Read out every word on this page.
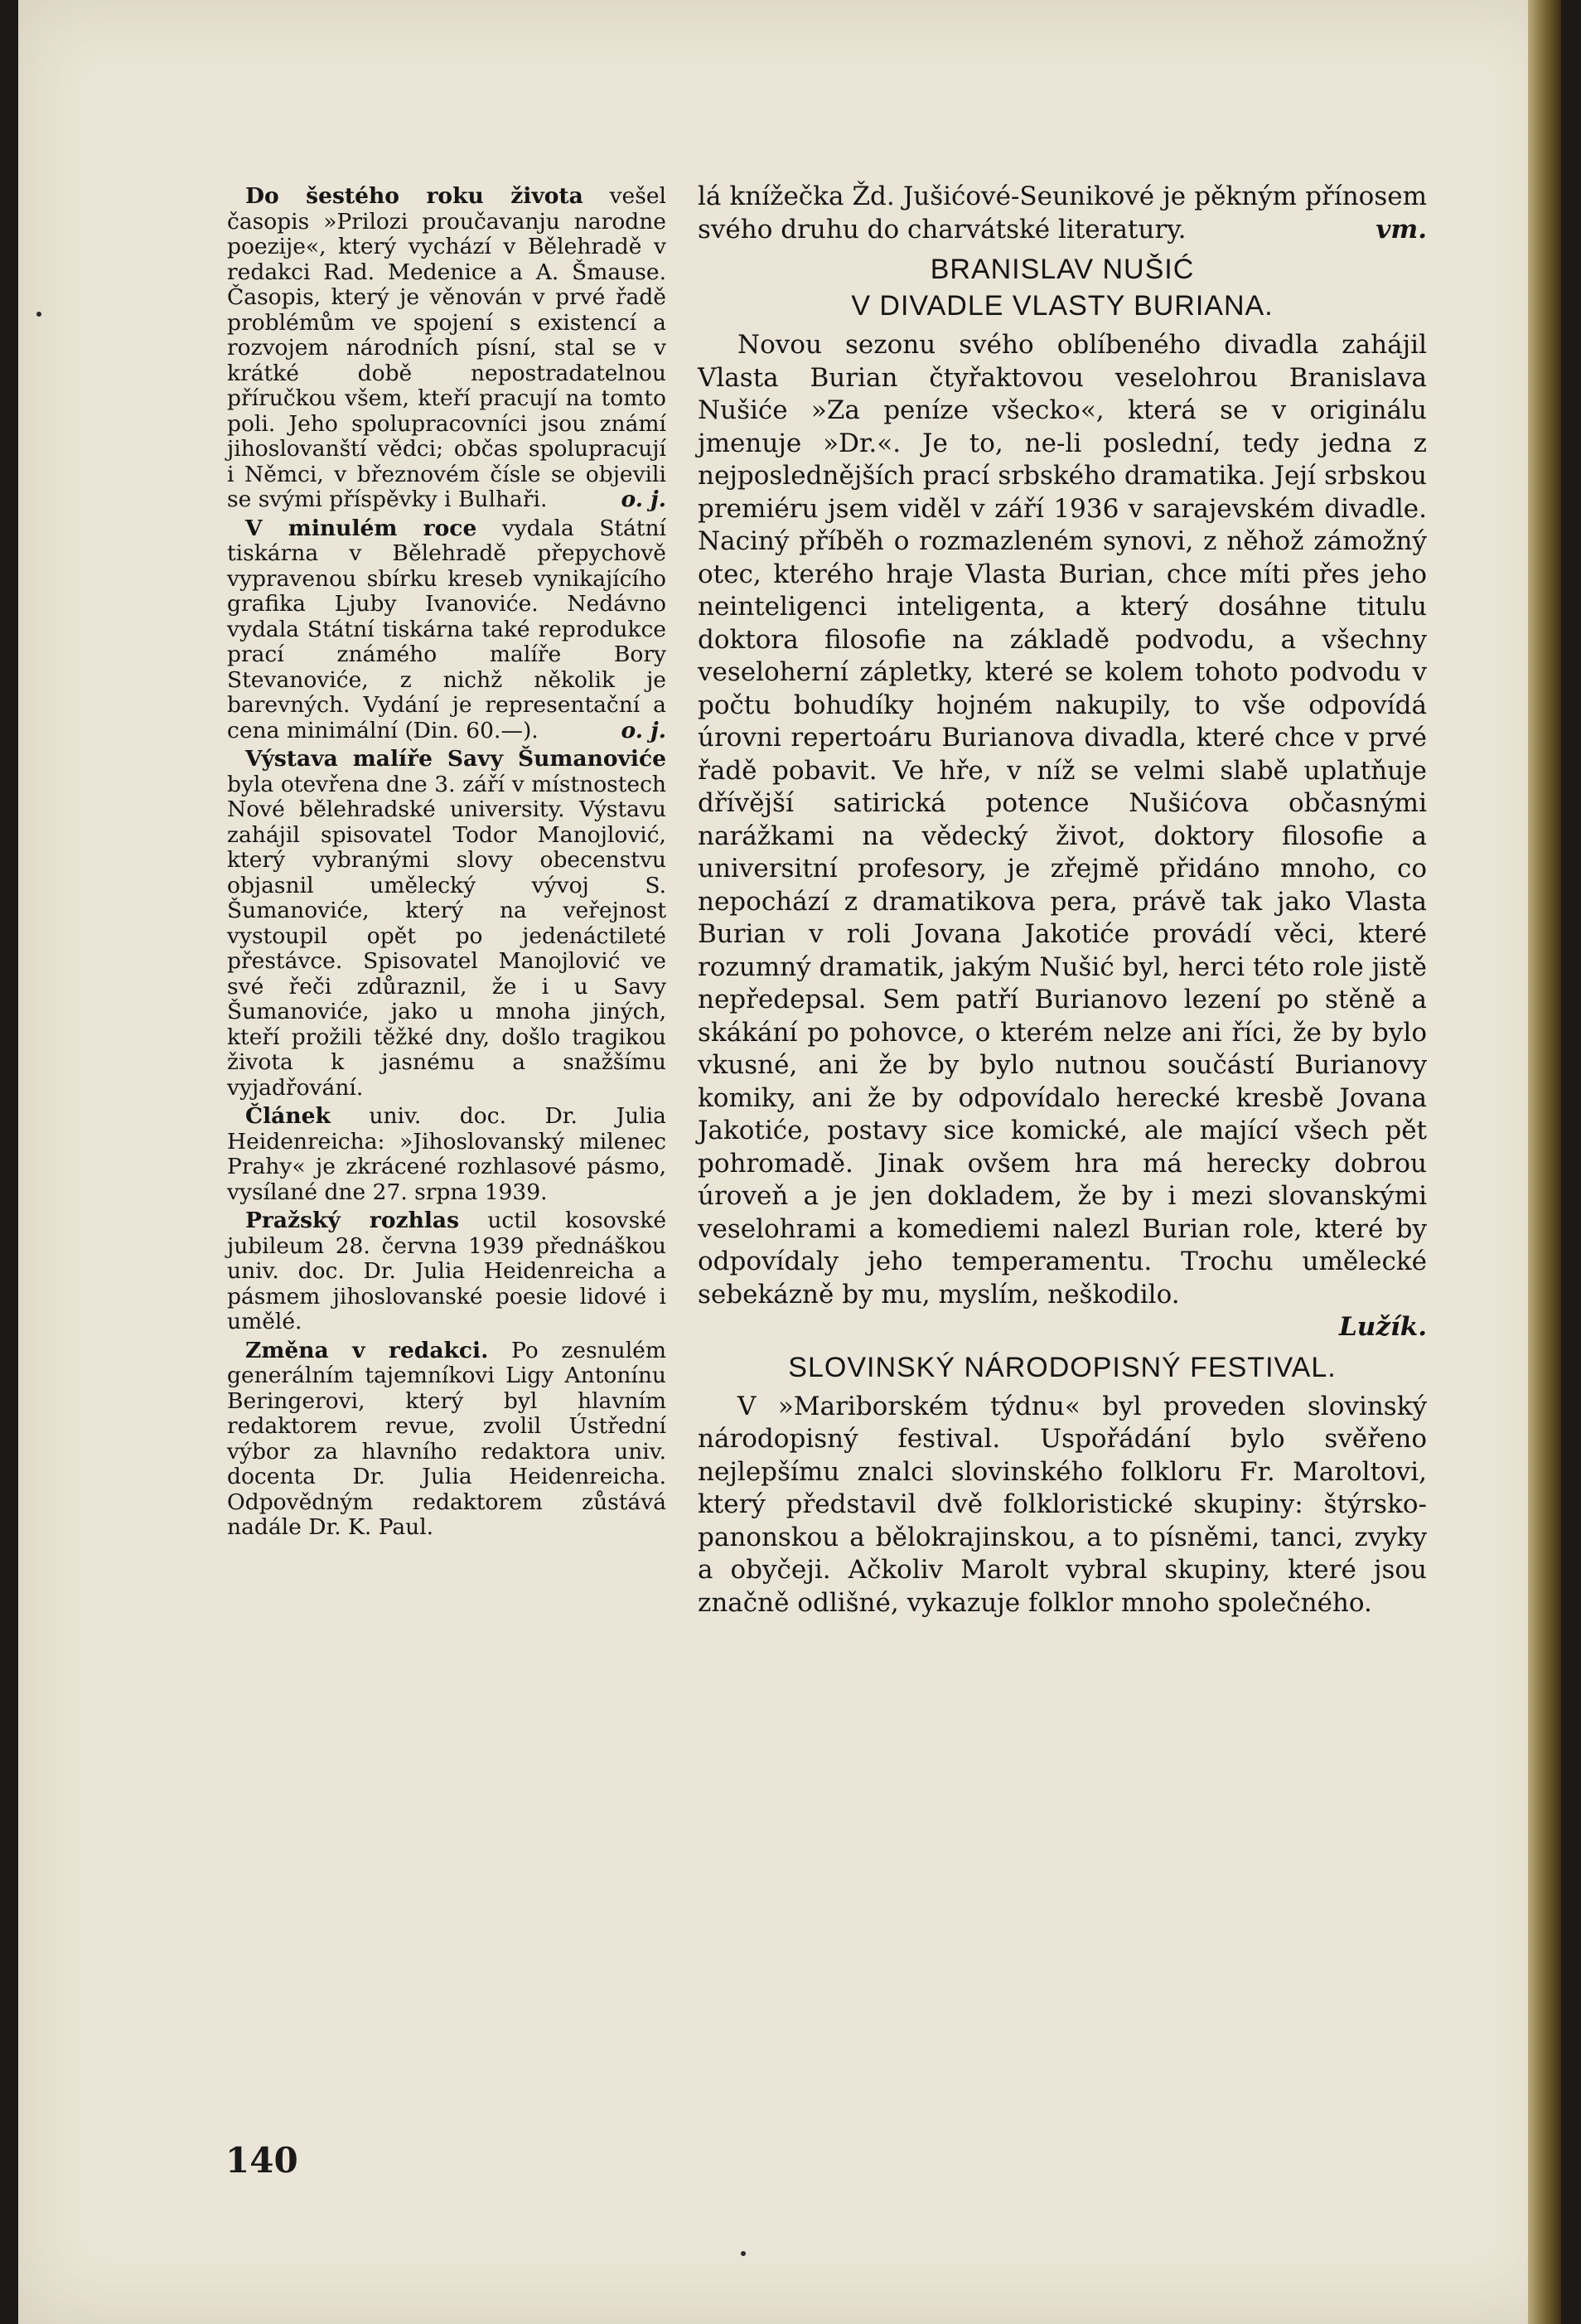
Do šestého roku života vešel časopis »Prilozi proučavanju narodne poezije«, který vychází v Bělehradě v redakci Rad. Medenice a A. Šmause. Časopis, který je věnován v prvé řadě problémům ve spojení s existencí a rozvojem národních písní, stal se v krátké době nepostradatelnou příručkou všem, kteří pracují na tomto poli. Jeho spolupracovníci jsou známí jihoslovanští vědci; občas spolupracují i Němci, v březnovém čísle se objevili se svými příspěvky i Bulhaři.	o. j.

V minulém roce vydala Státní tiskárna v Bělehradě přepychově vypravenou sbírku kreseb vynikajícího grafika Ljuby Ivanoviće. Nedávno vydala Státní tiskárna také reprodukce prací známého malíře Bory Stevanoviće, z nichž několik je barevných. Vydání je representační a cena minimální (Din. 60.—).	o. j.

Výstava malíře Savy Šumanoviće byla otevřena dne 3. září v místnostech Nové bělehradské university. Výstavu zahájil spisovatel Todor Manojlović, který vybranými slovy obecenstvu objasnil umělecký vývoj S. Šumanoviće, který na veřejnost vystoupil opět po jedenáctileté přestávce. Spisovatel Manojlović ve své řeči zdůraznil, že i u Savy Šumanoviće, jako u mnoha jiných, kteří prožili těžké dny, došlo tragikou života k jasnému a snažšímu vyjadřování.

Článek univ. doc. Dr. Julia Heidenreicha: »Jihoslovanský milenec Prahy« je zkrácené rozhlasové pásmo, vysílané dne 27. srpna 1939.

Pražský rozhlas uctil kosovské jubileum 28. června 1939 přednáškou univ. doc. Dr. Julia Heidenreicha a pásmem jihoslovanské poesie lidové i umělé.

Změna v redakci. Po zesnulém generálním tajemníkovi Ligy Antonínu Beringerovi, který byl hlavním redaktorem revue, zvolil Ústřední výbor za hlavního redaktora univ. docenta Dr. Julia Heidenreicha. Odpovědným redaktorem zůstává nadále Dr. K. Paul.

lá knížečka Žd. Jušićové-Seunikové je pěkným přínosem svého druhu do charvátské literatury.	vm.

BRANISLAV NUŠIĆ
V DIVADLE VLASTY BURIANA.

Novou sezonu svého oblíbeného divadla zahájil Vlasta Burian čtyřaktovou veselohrou Branislava Nušiće »Za peníze všecko«, která se v originálu jmenuje »Dr.«. Je to, ne-li poslední, tedy jedna z nejposlednějších prací srbského dramatika. Její srbskou premiéru jsem viděl v září 1936 v sarajevském divadle. Naciný příběh o rozmazleném synovi, z něhož zámožný otec, kterého hraje Vlasta Burian, chce míti přes jeho neinteligenci inteligenta, a který dosáhne titulu doktora filosofie na základě podvodu, a všechny veseloherní zápletky, které se kolem tohoto podvodu v počtu bohudíky hojném nakupily, to vše odpovídá úrovni repertoáru Burianova divadla, které chce v prvé řadě pobavit. Ve hře, v níž se velmi slabě uplatňuje dřívější satirická potence Nušićova občasnými narážkami na vědecký život, doktory filosofie a universitní profesory, je zřejmě přidáno mnoho, co nepochází z dramatikova pera, právě tak jako Vlasta Burian v roli Jovana Jakotiće provádí věci, které rozumný dramatik, jakým Nušić byl, herci této role jistě nepředepsal. Sem patří Burianovo lezení po stěně a skákání po pohovce, o kterém nelze ani říci, že by bylo vkusné, ani že by bylo nutnou součástí Burianovy komiky, ani že by odpovídalo herecké kresbě Jovana Jakotiće, postavy sice komické, ale mající všech pět pohromadě. Jinak ovšem hra má herecky dobrou úroveň a je jen dokladem, že by i mezi slovanskými veselohrami a komediemi nalezl Burian role, které by odpovídaly jeho temperamentu. Trochu umělecké sebekázně by mu, myslím, neškodilo.
Lužík.

SLOVINSKÝ NÁRODOPISNÝ FESTIVAL.

V »Mariborském týdnu« byl proveden slovinský národopisný festival. Uspořádání bylo svěřeno nejlepšímu znalci slovinského folkloru Fr. Maroltovi, který představil dvě folkloristické skupiny: štýrsko-panonskou a bělokrajinskou, a to písněmi, tanci, zvyky a obyčeji. Ačkoliv Marolt vybral skupiny, které jsou značně odlišné, vykazuje folklor mnoho společného.

140
